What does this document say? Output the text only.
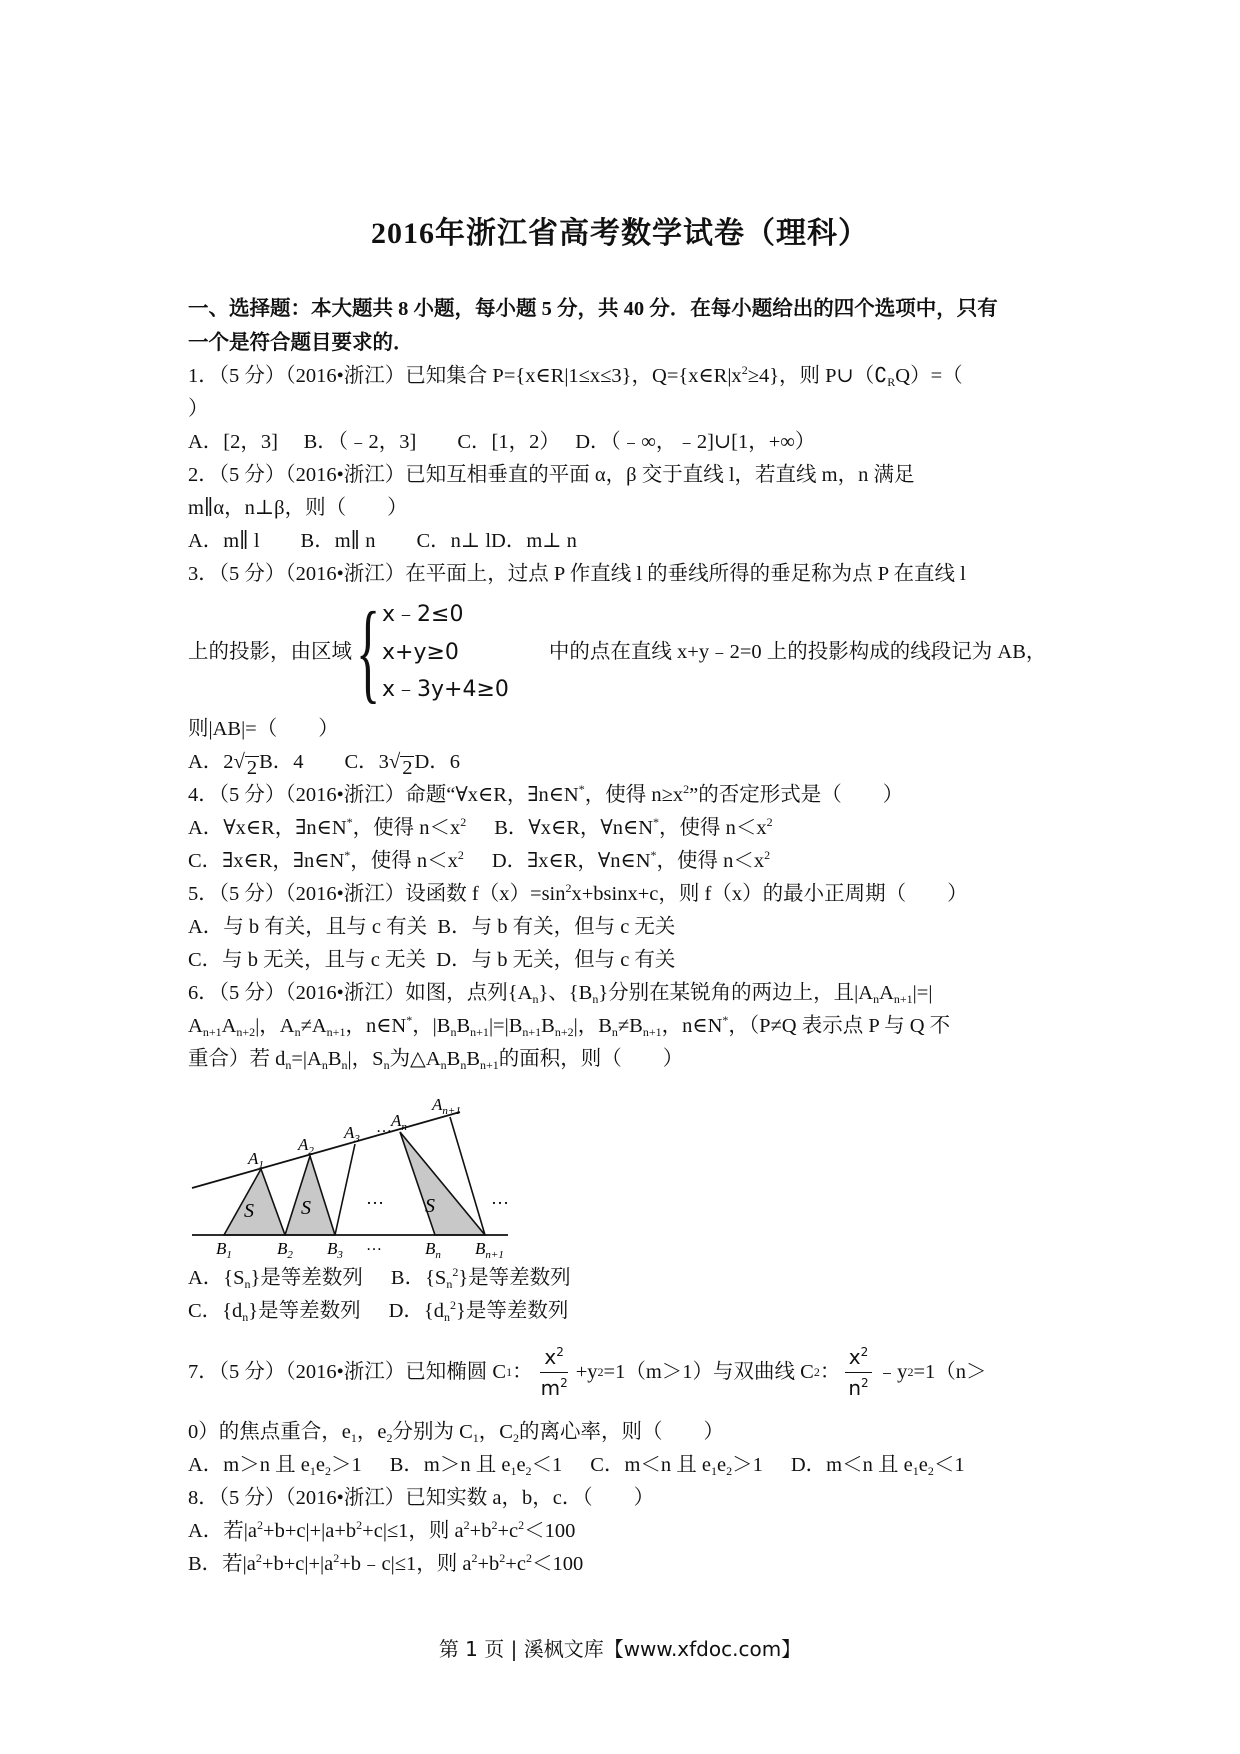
2016年浙江省高考数学试卷（理科）
一、选择题：本大题共 8 小题，每小题 5 分，共 40 分．在每小题给出的四个选项中，只有
一个是符合题目要求的．
1．（5 分）（2016•浙江）已知集合 P={x∈R|1≤x≤3}，$Q=\{x\in R|x^2\ge 4\}$，则 $P\cup(∁_RQ)=$（
）
A．[2，3]　 B．（﹣2，3]　　C．[1，2）　 D．（﹣∞，﹣2]∪[1，+∞）
2．（5 分）（2016•浙江）已知互相垂直的平面 α，β 交于直线 l，若直线 m，n 满足
m∥α，n⊥β，则（　　）
A．m∥ l　　B．m∥ n　　C．n⊥ lD．m⊥ n
3．（5 分）（2016•浙江）在平面上，过点 P 作直线 l 的垂线所得的垂足称为点 P 在直线 l
上的投影，由区域 { x﹣2≤0
x+y≥0
x﹣3y+4≥0
中的点在直线 x+y﹣2=0 上的投影构成的线段记为 AB，
则|AB|=（　　）
A．2√ 2 B．4　　C．3√ 2 D．6
4．（5 分）（2016•浙江）命题“∀x∈R，∃n∈N*，使得 $n\ge x^2$”的否定形式是（　　）
A．∀x∈R，∃n∈N*，使得 $n<x^2$ B．∀x∈R，∀n∈N*，使得 $n<x^2$
C．∃x∈R，∃n∈N*，使得 $n<x^2$ D．∃x∈R，∀n∈N*，使得 $n<x^2$
5．（5 分）（2016•浙江）设函数 $f(x)=\sin^2x+bsinx+c$，则 f（x）的最小正周期（　　）
A．与 b 有关，且与 c 有关  B．与 b 有关，但与 c 无关
C．与 b 无关，且与 c 无关  D．与 b 无关，但与 c 有关
6．（5 分）（2016•浙江）如图，点列$\{A_n\}$、$\{B_n\}$分别在某锐角的两边上，且$|A_nA_{n+1}|=|$
$A_{n+1}A_{n+2}|$，$A_n\ne A_{n+1}$，n∈N*，$|B_nB_{n+1}|=|B_{n+1}B_{n+2}|$，$B_n\ne B_{n+1}$，n∈N*，（P≠Q 表示点 P 与 Q 不
重合）若 $d_n=|A_nB_n|$，$S_n$为$\triangle A_nB_nB_{n+1}$的面积，则（　　）
S S	S
…	…
…
…
$A_1$
$A_2$
$A_3$
$A_n$
$A_{n+1}$
$B_1$	$B_2$ $B_3$	$B_n$ $B_{n+1}$
A．$\{S_n\}$是等差数列 B．$\{S_n^2\}$是等差数列
C．$\{d_n\}$是等差数列 D．$\{d_n^2\}$是等差数列
7．（5 分）（2016•浙江）已知椭圆 C 1 ： $\frac{x^2}{m^2} +y$ 2 =1（m＞1）与双曲线 C 2 ： $\frac{x^2}{n^2}$ ﹣y 2 =1（n＞
0）的焦点重合，$e_1$，$e_2$分别为 $C_1$，$C_2$的离心率，则（　　）
A．m＞n 且 $e_1e_2>1$ B．m＞n 且 $e_1e_2<1$ C．m＜n 且 $e_1e_2>1$ D．m＜n 且 $e_1e_2<1$
8．（5 分）（2016•浙江）已知实数 a，b，c．（　　）
A．若$|a^2+b+c|+|a+b^2+c|\le 1$，则 $a^2+b^2+c^2<100$
B．若$|a^2+b+c|+|a^2+b﹣c|\le 1$，则 $a^2+b^2+c^2<100$
第 1 页 | 溪枫文库【www.xfdoc.com】
